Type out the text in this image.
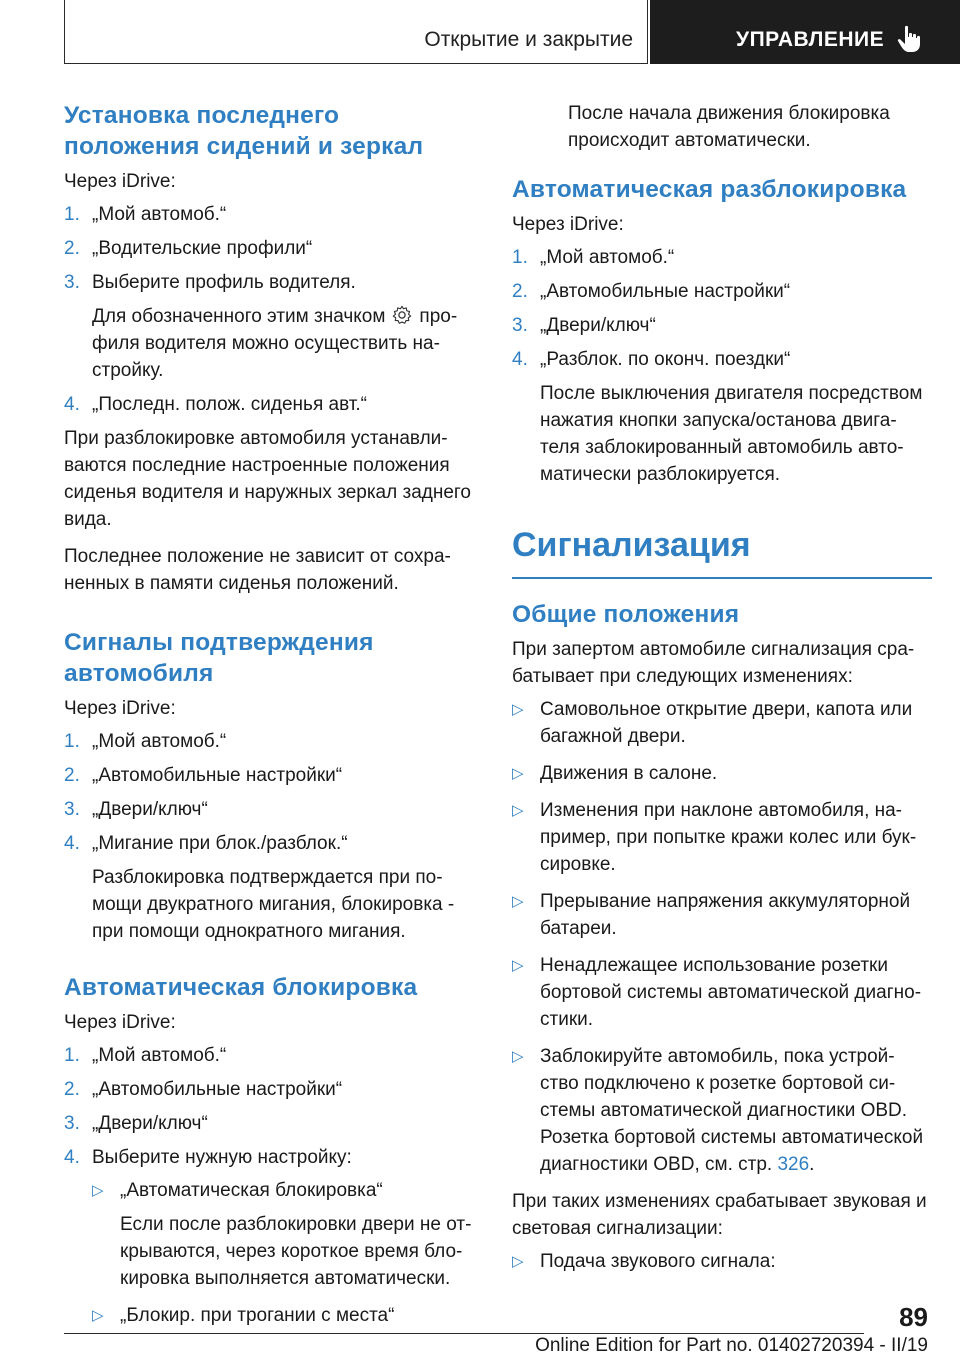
Открытие и закрытие	УПРАВЛЕНИЕ
Установка последнего положения сидений и зеркал

Через iDrive:

1. „Мой автомоб.“
2. „Водительские профили“
3. Выберите профиль водителя.
Для обозначенного этим значком про-филя водителя можно осуществить на-стройку.
4. „Последн. полож. сиденья авт.“

При разблокировке автомобиля устанавли-ваются последние настроенные положения сиденья водителя и наружных зеркал заднего вида.

Последнее положение не зависит от сохра-ненных в памяти сиденья положений.

Сигналы подтверждения автомобиля

Через iDrive:

1. „Мой автомоб.“
2. „Автомобильные настройки“
3. „Двери/ключ“
4. „Мигание при блок./разблок.“
Разблокировка подтверждается при по-мощи двукратного мигания, блокировка - при помощи однократного мигания.
Автоматическая блокировка

Через iDrive:

1. „Мой автомоб.“
2. „Автомобильные настройки“
3. „Двери/ключ“
4. Выберите нужную настройку:
▷ „Автоматическая блокировка“
Если после разблокировки двери не от-крываются, через короткое время бло-кировка выполняется автоматически.
▷ „Блокир. при трогании с места“

После начала движения блокировка происходит автоматически.

Автоматическая разблокировка

Через iDrive:

1. „Мой автомоб.“
2. „Автомобильные настройки“
3. „Двери/ключ“
4. „Разблок. по оконч. поездки“
После выключения двигателя посредством нажатия кнопки запуска/останова двига-теля заблокированный автомобиль авто-матически разблокируется.
Сигнализация
Общие положения

При запертом автомобиле сигнализация сра-батывает при следующих изменениях:

▷ Самовольное открытие двери, капота или багажной двери.
▷ Движения в салоне.
▷ Изменения при наклоне автомобиля, на-пример, при попытке кражи колес или бук-сировке.
▷ Прерывание напряжения аккумуляторной батареи.
▷ Ненадлежащее использование розетки бортовой системы автоматической диагно-стики.
▷ Заблокируйте автомобиль, пока устрой-ство подключено к розетке бортовой си-стемы автоматической диагностики OBD. Розетка бортовой системы автоматической диагностики OBD, см. стр. 326.

При таких изменениях срабатывает звуковая и световая сигнализации:

▷ Подача звукового сигнала:
89
Online Edition for Part no. 01402720394 - II/19
